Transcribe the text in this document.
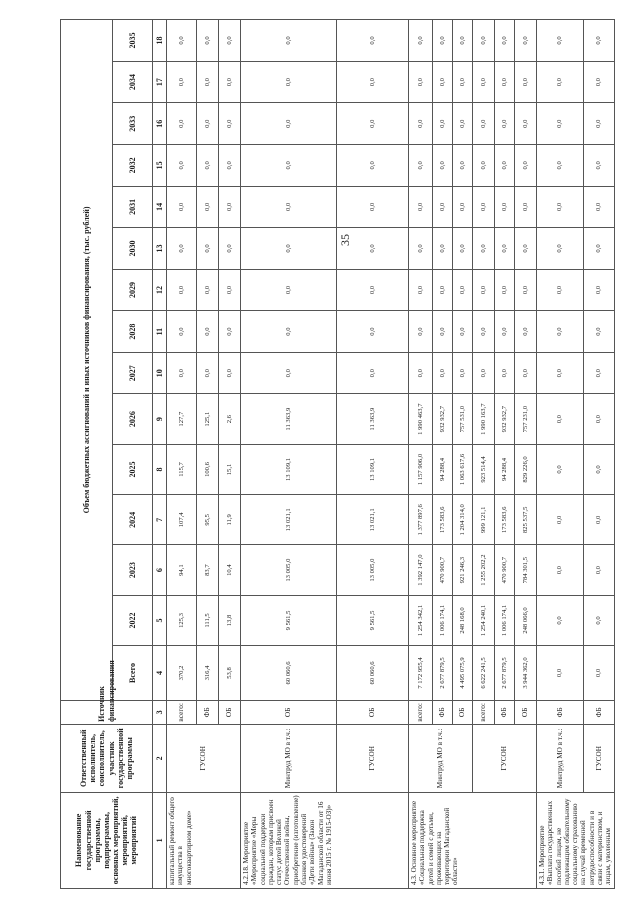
35
Наименование государственной программы, подпрограммы, основных мероприятий, мероприятий, мероприятий	Ответственный исполнитель, соисполнитель, участник государственной программы	Источник финансирования	Объем бюджетных ассигнований и иных источников финансирования, (тыс. рублей)														
			Всего	2022	2023	2024	2025	2026	2027	2028	2029	2030	2031	2032	2033	2034	2035
1	2	3	4	5	6	7	8	9	10	11	12	13	14	15	16	17	18
капитальный ремонт общего имущества в многоквартирном доме»	ГУСОН	всего:	370,2	125,3	94,1	107,4	115,7	127,7	0,0	0,0	0,0	0,0	0,0	0,0	0,0	0,0	0,0
		ФБ	316,4	111,5	83,7	95,5	100,6	125,1	0,0	0,0	0,0	0,0	0,0	0,0	0,0	0,0	0,0
		ОБ	53,8	13,8	10,4	11,9	15,1	2,6	0,0	0,0	0,0	0,0	0,0	0,0	0,0	0,0	0,0
4.2.18. Мероприятие «Мероприятие «Меры социальной поддержки граждан, которым присвоен статус детей Великой Отечественной войны, приобретение (изготовление) бланков удостоверений «Дети войны» (Закон Магаданской области от 16 июня 2015 г. № 1915-ОЗ)»	Минтруд МО в т.ч.:	ОБ	60 060,6	9 561,5	13 005,0	13 021,1	13 109,1	11 363,9	0,0	0,0	0,0	0,0	0,0	0,0	0,0	0,0	0,0
	ГУСОН	ОБ	60 060,6	9 561,5	13 005,0	13 021,1	13 109,1	11 363,9	0,0	0,0	0,0	0,0	0,0	0,0	0,0	0,0	0,0
4.3. Основное мероприятие «Социальная поддержка детей и семей с детьми, проживающих на территории Магаданской области»	Минтруд МО в т.ч.:	всего:	7 172 955,4	1 254 342,1	1 392 147,0	1 377 897,6	1 157 906,0	1 990 463,7	0,0	0,0	0,0	0,0	0,0	0,0	0,0	0,0	0,0
		ФБ	2 677 879,5	1 006 174,1	470 900,7	173 583,6	94 288,4	932 932,7	0,0	0,0	0,0	0,0	0,0	0,0	0,0	0,0	0,0
		ОБ	4 495 075,9	248 168,0	921 246,3	1 204 314,0	1 063 617,6	757 531,0	0,0	0,0	0,0	0,0	0,0	0,0	0,0	0,0	0,0
	ГУСОН	всего:	6 622 241,5	1 254 240,1	1 255 202,2	999 121,1	923 514,4	1 990 163,7	0,0	0,0	0,0	0,0	0,0	0,0	0,0	0,0	0,0
		ФБ	2 677 879,5	1 006 174,1	470 900,7	173 583,6	94 288,4	932 932,7	0,0	0,0	0,0	0,0	0,0	0,0	0,0	0,0	0,0
		ОБ	3 944 362,0	248 066,0	784 301,5	825 537,5	829 226,0	757 231,0	0,0	0,0	0,0	0,0	0,0	0,0	0,0	0,0	0,0
4.3.1. Мероприятие «Выплата государственных пособий лицам, не подлежащим обязательному социальному страхованию на случай временной нетрудоспособности и в связи с материнством, и лицам, уволенным	Минтруд МО в т.ч.:	ФБ	0,0	0,0	0,0	0,0	0,0	0,0	0,0	0,0	0,0	0,0	0,0	0,0	0,0	0,0	0,0
	ГУСОН	ФБ	0,0	0,0	0,0	0,0	0,0	0,0	0,0	0,0	0,0	0,0	0,0	0,0	0,0	0,0	0,0
